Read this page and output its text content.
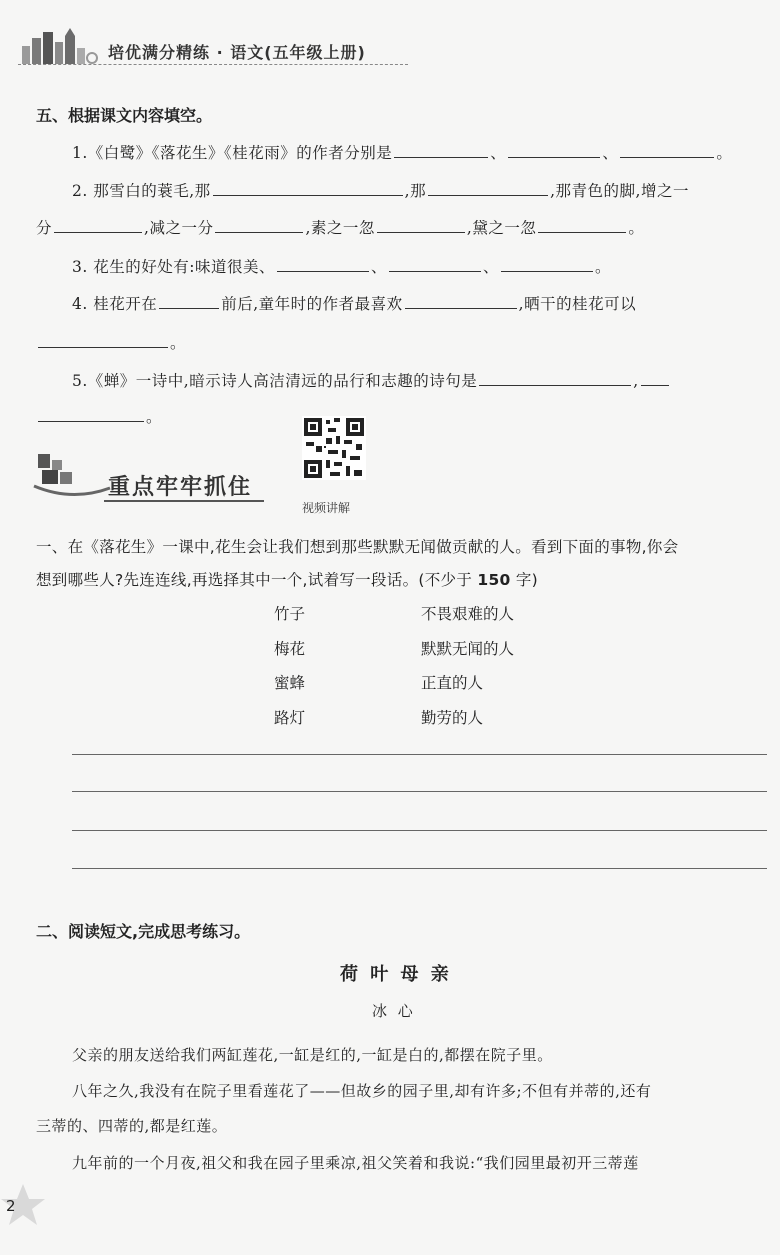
培优满分精练 · 语文(五年级上册)
五、根据课文内容填空。
1.《白鹭》《落花生》《桂花雨》的作者分别是	、	、	。
2. 那雪白的蓑毛,那	,那	,那青色的脚,增之一
分	,减之一分	,素之一忽	,黛之一忽	。
3. 花生的好处有:味道很美、	、	、	。
4. 桂花开在	前后,童年时的作者最喜欢	,晒干的桂花可以
。
5.《蝉》一诗中,暗示诗人高洁清远的品行和志趣的诗句是	,
。
重点牢牢抓住
视频讲解
一、在《落花生》一课中,花生会让我们想到那些默默无闻做贡献的人。看到下面的事物,你会
想到哪些人?先连连线,再选择其中一个,试着写一段话。(不少于 150 字)
竹子
梅花
蜜蜂
路灯
不畏艰难的人
默默无闻的人
正直的人
勤劳的人
二、阅读短文,完成思考练习。
荷 叶 母 亲
冰 心
父亲的朋友送给我们两缸莲花,一缸是红的,一缸是白的,都摆在院子里。
八年之久,我没有在院子里看莲花了——但故乡的园子里,却有许多;不但有并蒂的,还有
三蒂的、四蒂的,都是红莲。
九年前的一个月夜,祖父和我在园子里乘凉,祖父笑着和我说:“我们园里最初开三蒂莲
2
